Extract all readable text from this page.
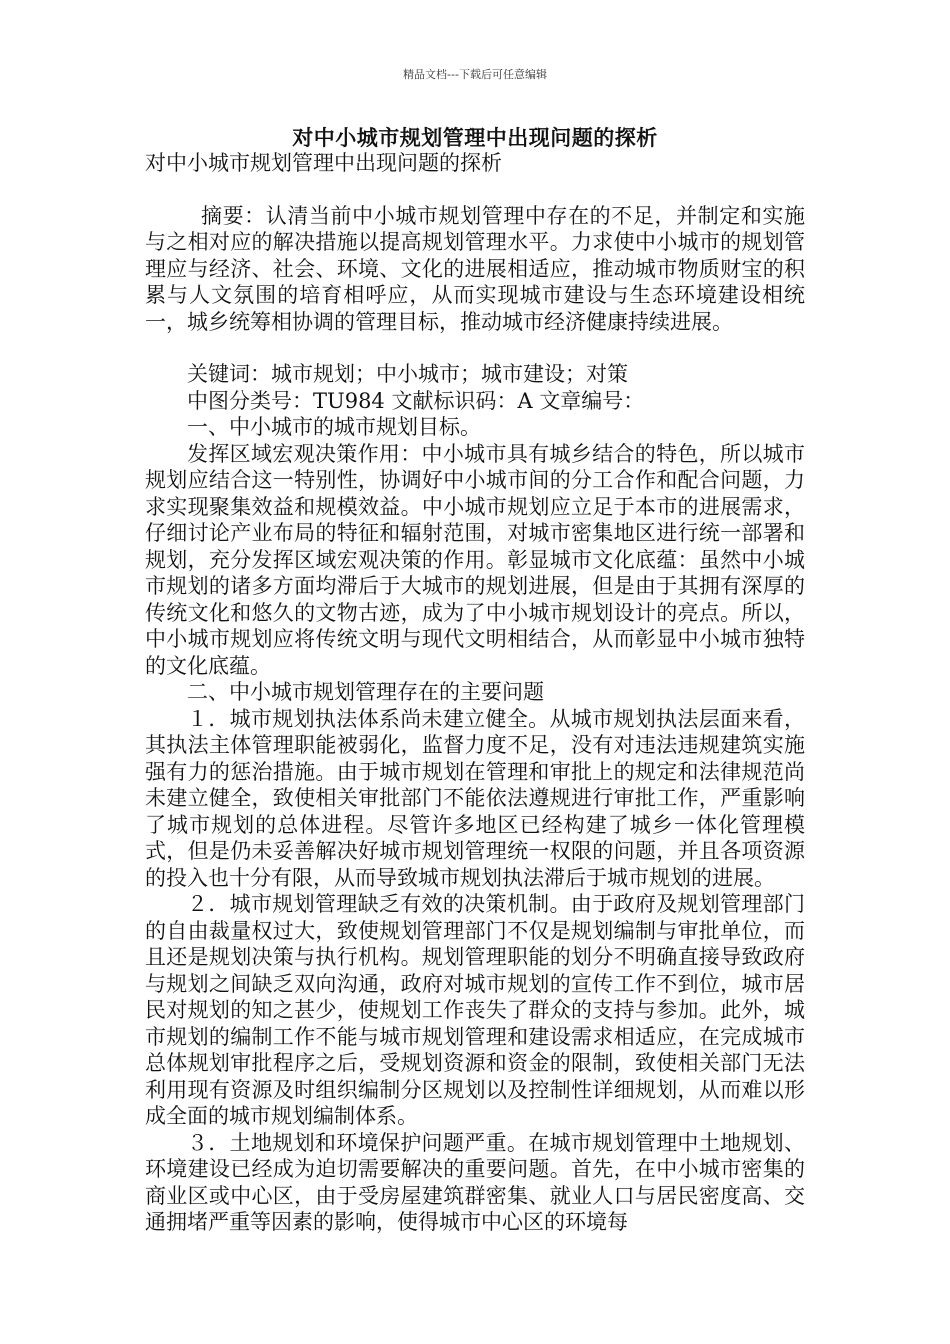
精品文档---下载后可任意编辑
对中小城市规划管理中出现问题的探析

对中小城市规划管理中出现问题的探析

摘要：认清当前中小城市规划管理中存在的不足，并制定和实施与之相对应的解决措施以提高规划管理水平。力求使中小城市的规划管理应与经济、社会、环境、文化的进展相适应，推动城市物质财宝的积累与人文氛围的培育相呼应，从而实现城市建设与生态环境建设相统一，城乡统筹相协调的管理目标，推动城市经济健康持续进展。

关键词：城市规划；中小城市；城市建设；对策

中图分类号：TU984 文献标识码：A 文章编号：

一、中小城市的城市规划目标。

发挥区域宏观决策作用：中小城市具有城乡结合的特色，所以城市规划应结合这一特别性，协调好中小城市间的分工合作和配合问题，力求实现聚集效益和规模效益。中小城市规划应立足于本市的进展需求，仔细讨论产业布局的特征和辐射范围，对城市密集地区进行统一部署和规划，充分发挥区域宏观决策的作用。彰显城市文化底蕴：虽然中小城市规划的诸多方面均滞后于大城市的规划进展，但是由于其拥有深厚的传统文化和悠久的文物古迹，成为了中小城市规划设计的亮点。所以，中小城市规划应将传统文明与现代文明相结合，从而彰显中小城市独特的文化底蕴。

二、中小城市规划管理存在的主要问题

１．城市规划执法体系尚未建立健全。从城市规划执法层面来看，其执法主体管理职能被弱化，监督力度不足，没有对违法违规建筑实施强有力的惩治措施。由于城市规划在管理和审批上的规定和法律规范尚未建立健全，致使相关审批部门不能依法遵规进行审批工作，严重影响了城市规划的总体进程。尽管许多地区已经构建了城乡一体化管理模式，但是仍未妥善解决好城市规划管理统一权限的问题，并且各项资源的投入也十分有限，从而导致城市规划执法滞后于城市规划的进展。

２．城市规划管理缺乏有效的决策机制。由于政府及规划管理部门的自由裁量权过大，致使规划管理部门不仅是规划编制与审批单位，而且还是规划决策与执行机构。规划管理职能的划分不明确直接导致政府与规划之间缺乏双向沟通，政府对城市规划的宣传工作不到位，城市居民对规划的知之甚少，使规划工作丧失了群众的支持与参加。此外，城市规划的编制工作不能与城市规划管理和建设需求相适应，在完成城市总体规划审批程序之后，受规划资源和资金的限制，致使相关部门无法利用现有资源及时组织编制分区规划以及控制性详细规划，从而难以形成全面的城市规划编制体系。

３．土地规划和环境保护问题严重。在城市规划管理中土地规划、环境建设已经成为迫切需要解决的重要问题。首先，在中小城市密集的商业区或中心区，由于受房屋建筑群密集、就业人口与居民密度高、交通拥堵严重等因素的影响，使得城市中心区的环境每
